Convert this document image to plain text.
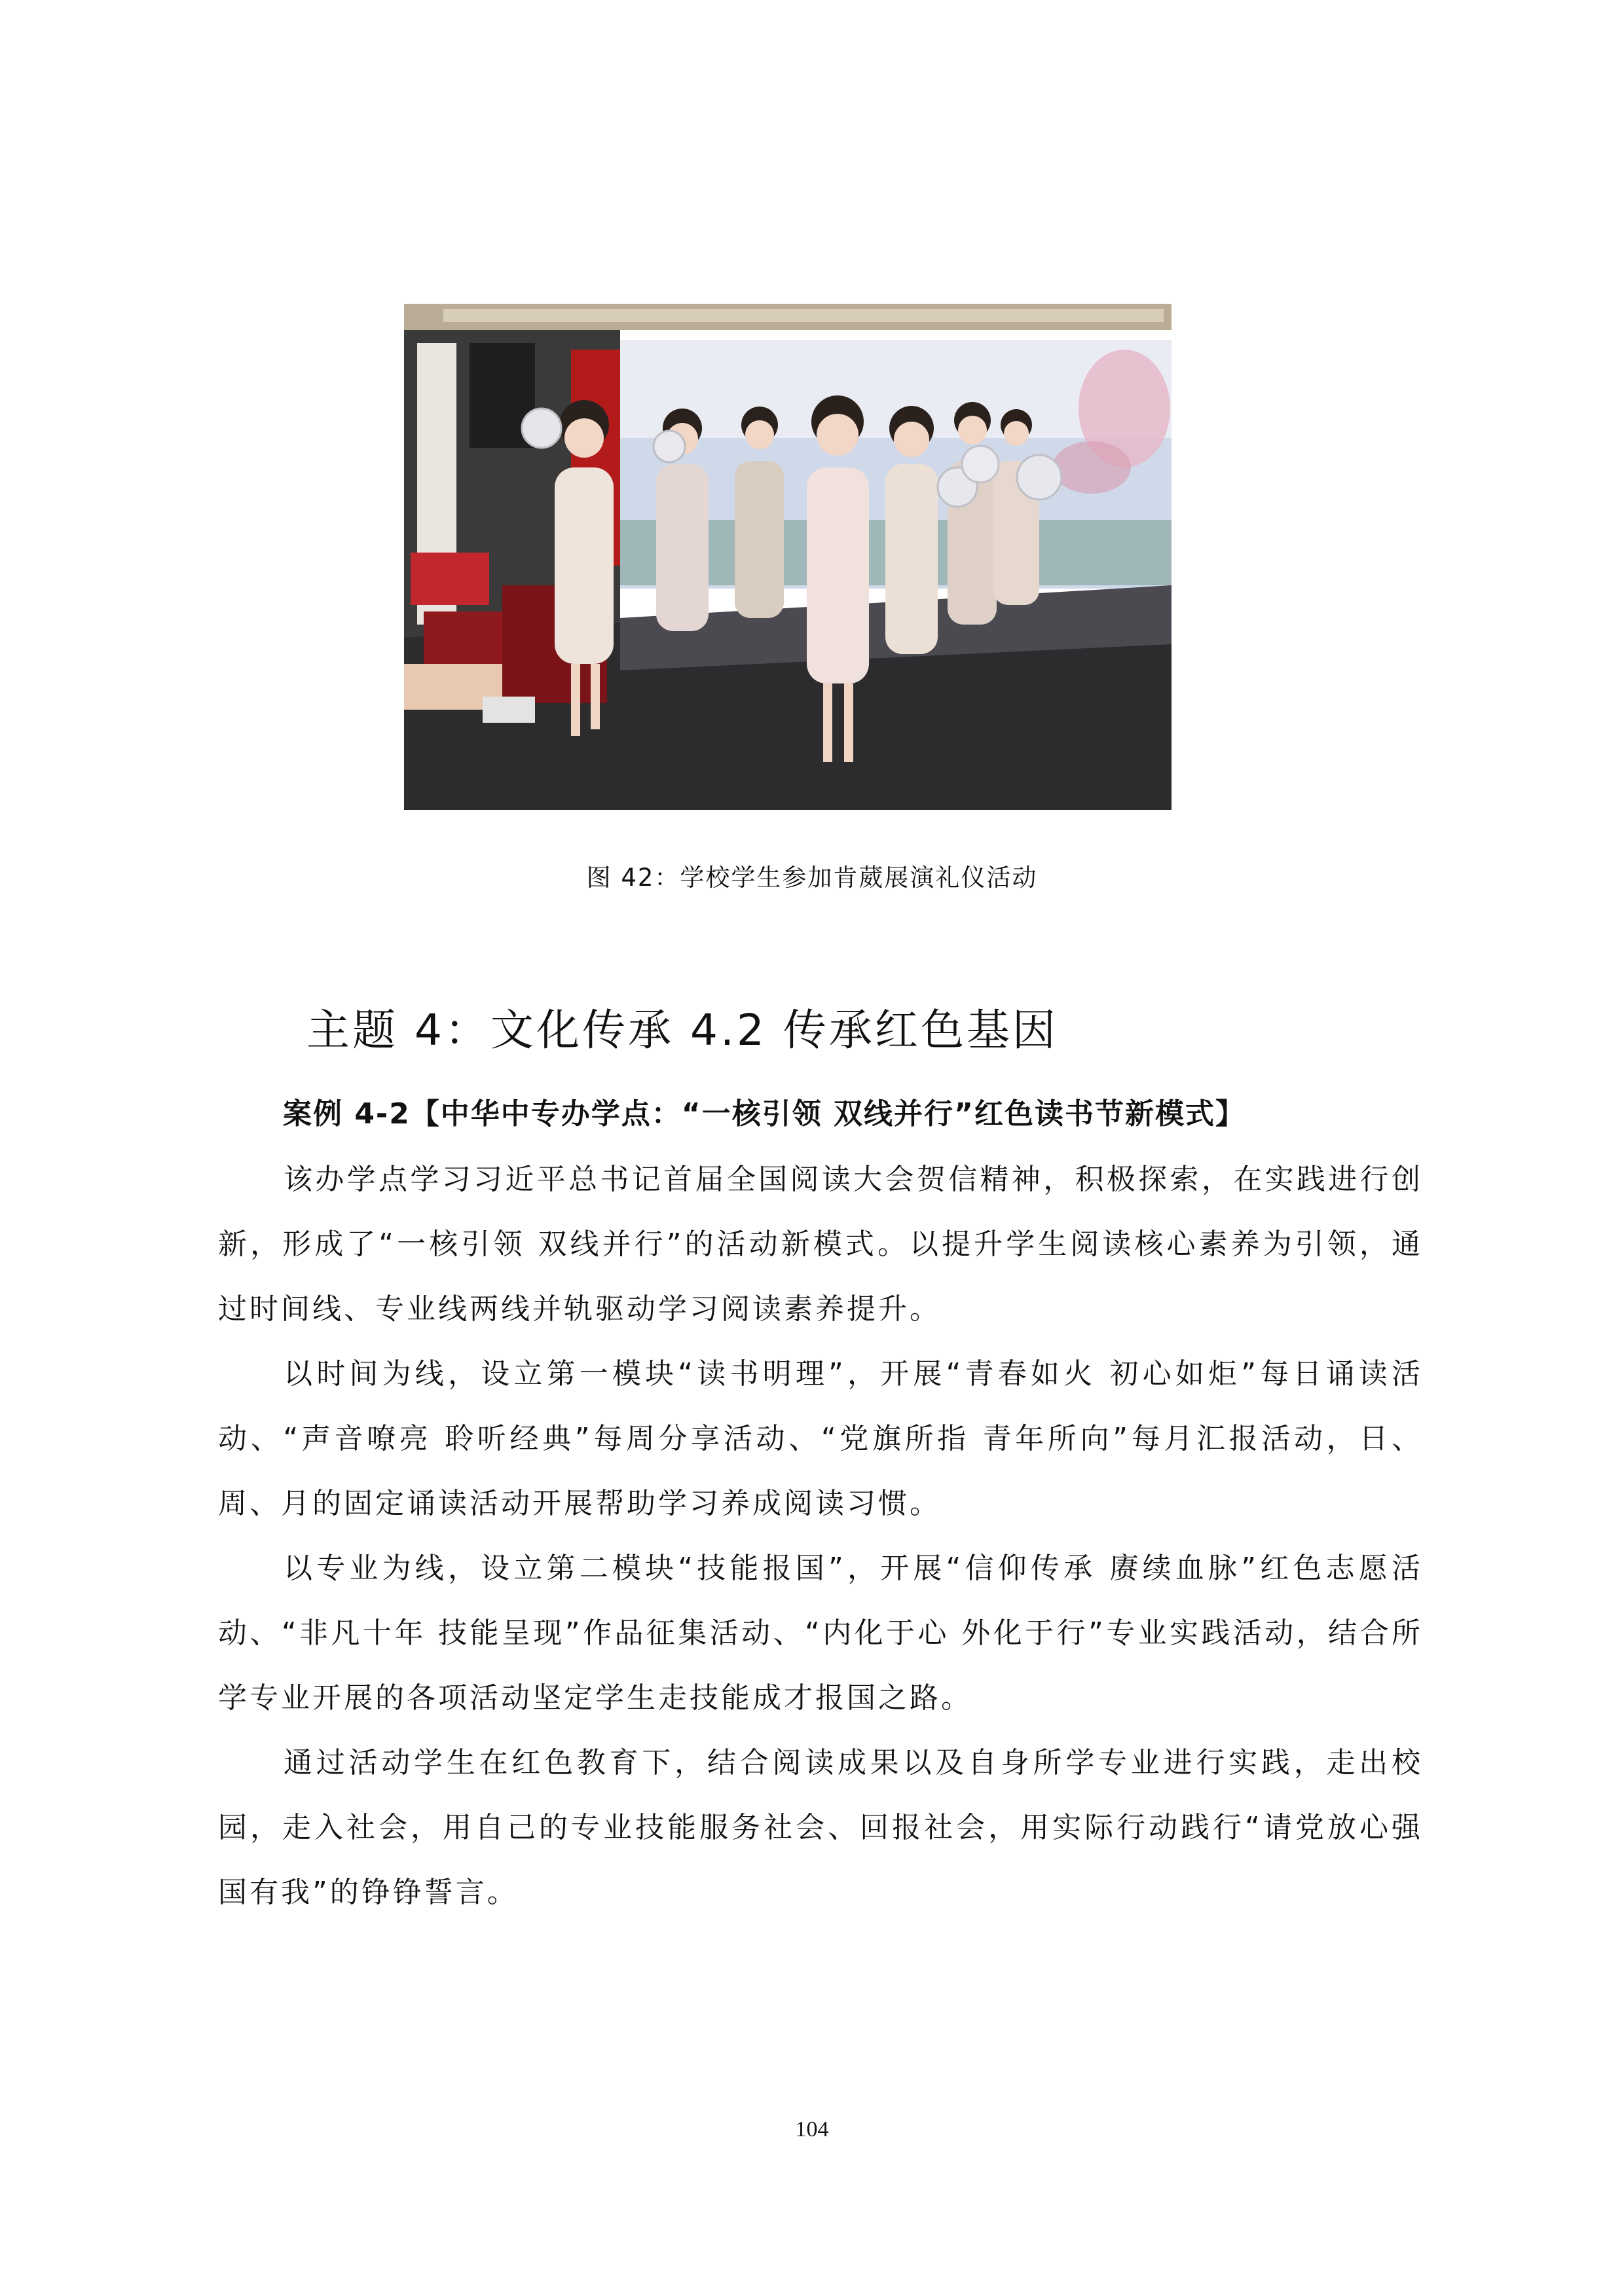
图 42：学校学生参加肯葳展演礼仪活动
主题 4：文化传承 4.2 传承红色基因
案例 4-2【中华中专办学点：“一核引领 双线并行”红色读书节新模式】

该办学点学习习近平总书记首届全国阅读大会贺信精神，积极探索，在实践进行创新，形成了“一核引领 双线并行”的活动新模式。以提升学生阅读核心素养为引领，通过时间线、专业线两线并轨驱动学习阅读素养提升。

以时间为线，设立第一模块“读书明理”，开展“青春如火 初心如炬”每日诵读活动、“声音嘹亮 聆听经典”每周分享活动、“党旗所指 青年所向”每月汇报活动，日、周、月的固定诵读活动开展帮助学习养成阅读习惯。

以专业为线，设立第二模块“技能报国”，开展“信仰传承 赓续血脉”红色志愿活动、“非凡十年 技能呈现”作品征集活动、“内化于心 外化于行”专业实践活动，结合所学专业开展的各项活动坚定学生走技能成才报国之路。

通过活动学生在红色教育下，结合阅读成果以及自身所学专业进行实践，走出校园，走入社会，用自己的专业技能服务社会、回报社会，用实际行动践行“请党放心强国有我”的铮铮誓言。

104
